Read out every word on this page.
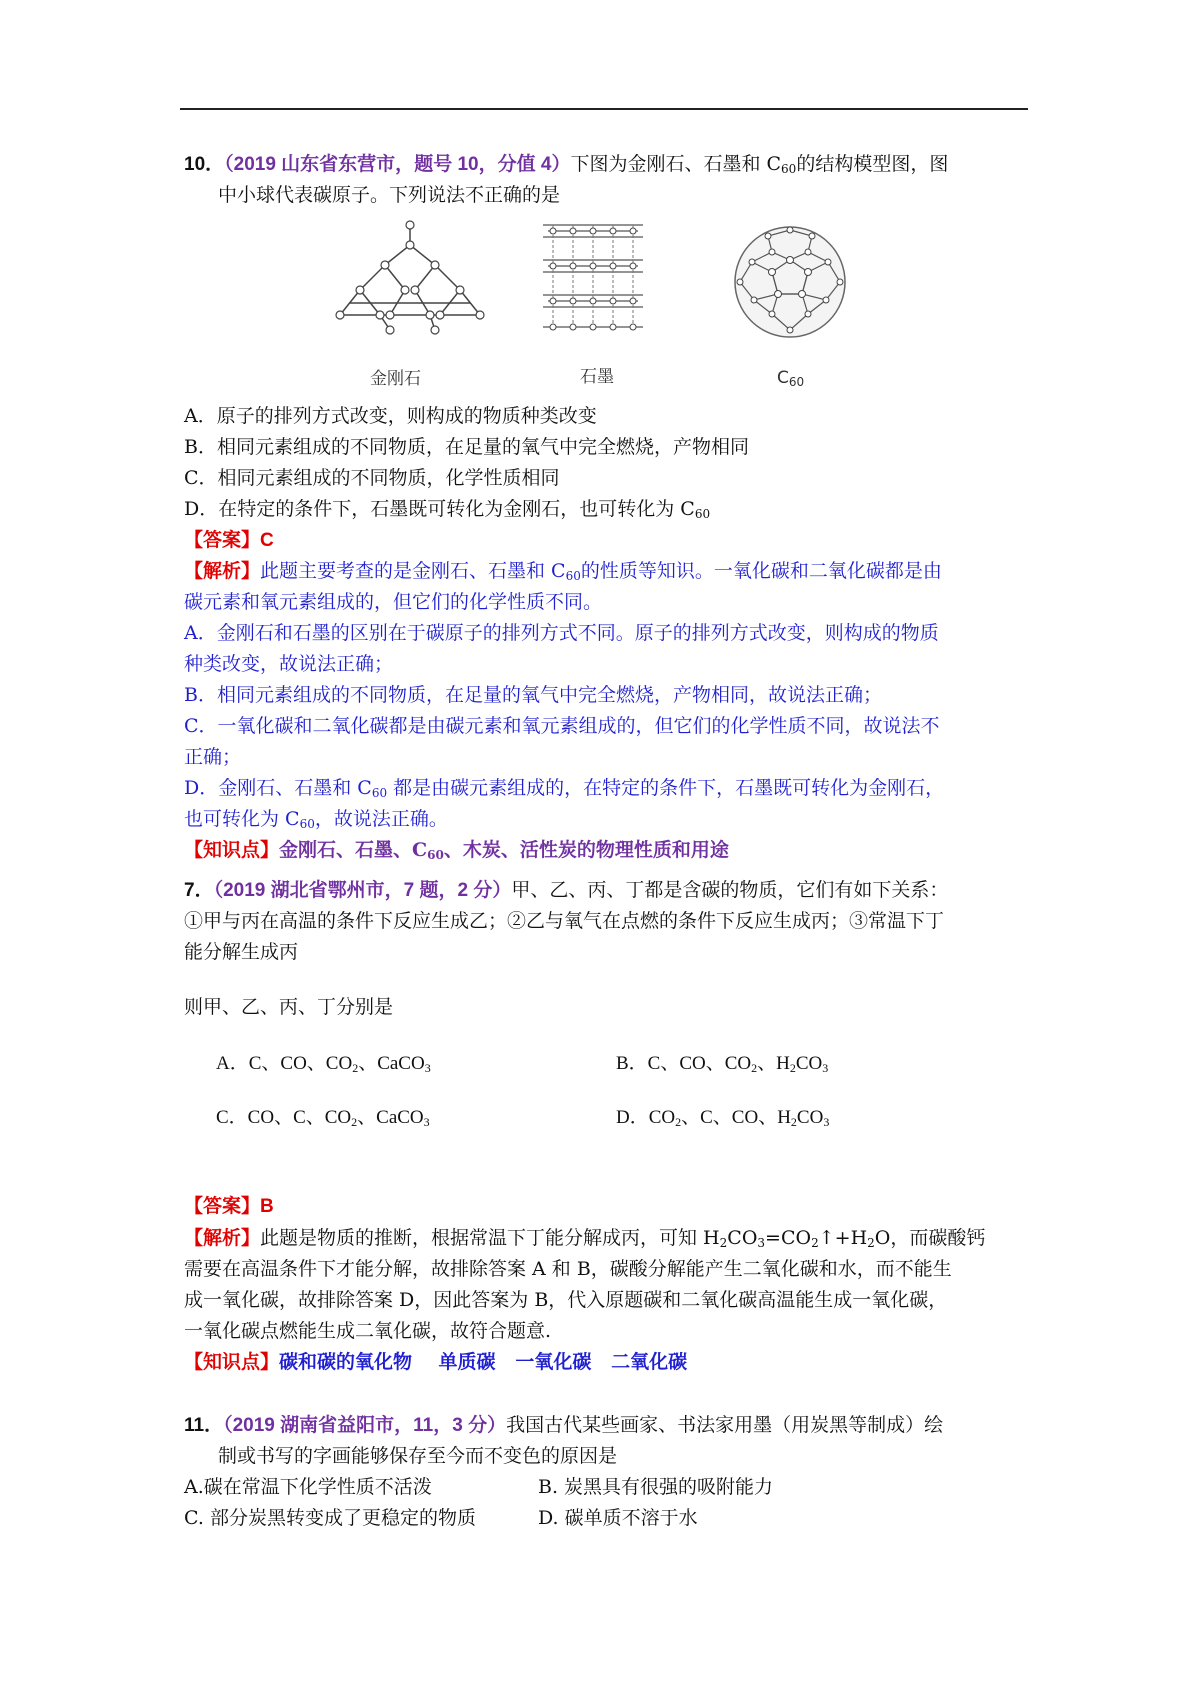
10．（2019 山东省东营市，题号 10，分值 4）下图为金刚石、石墨和 $C_{60}$的结构模型图，图
中小球代表碳原子。下列说法不正确的是
金刚石	石墨	$C_{60}$
A．原子的排列方式改变，则构成的物质种类改变
B．相同元素组成的不同物质，在足量的氧气中完全燃烧，产物相同
C．相同元素组成的不同物质，化学性质相同
D．在特定的条件下，石墨既可转化为金刚石，也可转化为 $C_{60}$
【答案】C
【解析】此题主要考查的是金刚石、石墨和 $C_{60}$的性质等知识。一氧化碳和二氧化碳都是由
碳元素和氧元素组成的，但它们的化学性质不同。
A．金刚石和石墨的区别在于碳原子的排列方式不同。原子的排列方式改变，则构成的物质
种类改变，故说法正确；
B．相同元素组成的不同物质，在足量的氧气中完全燃烧，产物相同，故说法正确；
C．一氧化碳和二氧化碳都是由碳元素和氧元素组成的，但它们的化学性质不同，故说法不
正确；
D．金刚石、石墨和 $C_{60}$ 都是由碳元素组成的，在特定的条件下，石墨既可转化为金刚石，
也可转化为 $C_{60}$，故说法正确。
【知识点】金刚石、石墨、$C_{60}$、木炭、活性炭的物理性质和用途
7．（2019 湖北省鄂州市，7 题，2 分）甲、乙、丙、丁都是含碳的物质，它们有如下关系：
①甲与丙在高温的条件下反应生成乙；②乙与氧气在点燃的条件下反应生成丙；③常温下丁
能分解生成丙
则甲、乙、丙、丁分别是
A．C、CO、$CO_2$、CaCO$_3$	B．C、CO、$CO_2$、$H_2CO_3$
C．CO、C、$CO_2$、CaCO$_3$	D．$CO_2$、C、CO、$H_2CO_3$
【答案】B
【解析】此题是物质的推断，根据常温下丁能分解成丙，可知 $H_2CO_3=CO_2↑+H_2O$，而碳酸钙
需要在高温条件下才能分解，故排除答案 A 和 B，碳酸分解能产生二氧化碳和水，而不能生
成一氧化碳，故排除答案 D，因此答案为 B，代入原题碳和二氧化碳高温能生成一氧化碳，
一氧化碳点燃能生成二氧化碳，故符合题意.
【知识点】碳和碳的氧化物    单质碳   一氧化碳   二氧化碳
11．（2019 湖南省益阳市，11，3 分）我国古代某些画家、书法家用墨（用炭黑等制成）绘
制或书写的字画能够保存至今而不变色的原因是
A.碳在常温下化学性质不活泼	B. 炭黑具有很强的吸附能力
C. 部分炭黑转变成了更稳定的物质	D. 碳单质不溶于水
